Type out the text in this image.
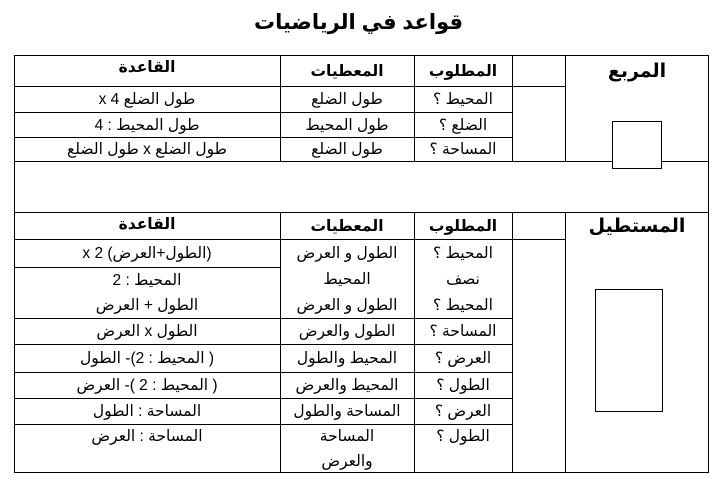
قواعد في الرياضيات
المربع
المطلوب
المعطيات
القاعدة
المحيط ؟
طول الضلع
طول الضلع x 4
الضلع ؟
طول المحيط
طول المحيط : 4
المساحة ؟
طول الضلع
طول الضلع x طول الضلع
المستطيل
المطلوب
المعطيات
القاعدة
المحيط ؟
الطول و العرض
(الطول+العرض) x 2
نصف
المحيط
المحيط : 2
المحيط ؟
الطول و العرض
الطول + العرض
المساحة ؟
الطول والعرض
الطول x العرض
العرض ؟
المحيط والطول
( المحيط : 2)- الطول
الطول ؟
المحيط والعرض
( المحيط : 2 )- العرض
العرض ؟
المساحة والطول
المساحة : الطول
الطول ؟
المساحة
والعرض
المساحة : العرض
